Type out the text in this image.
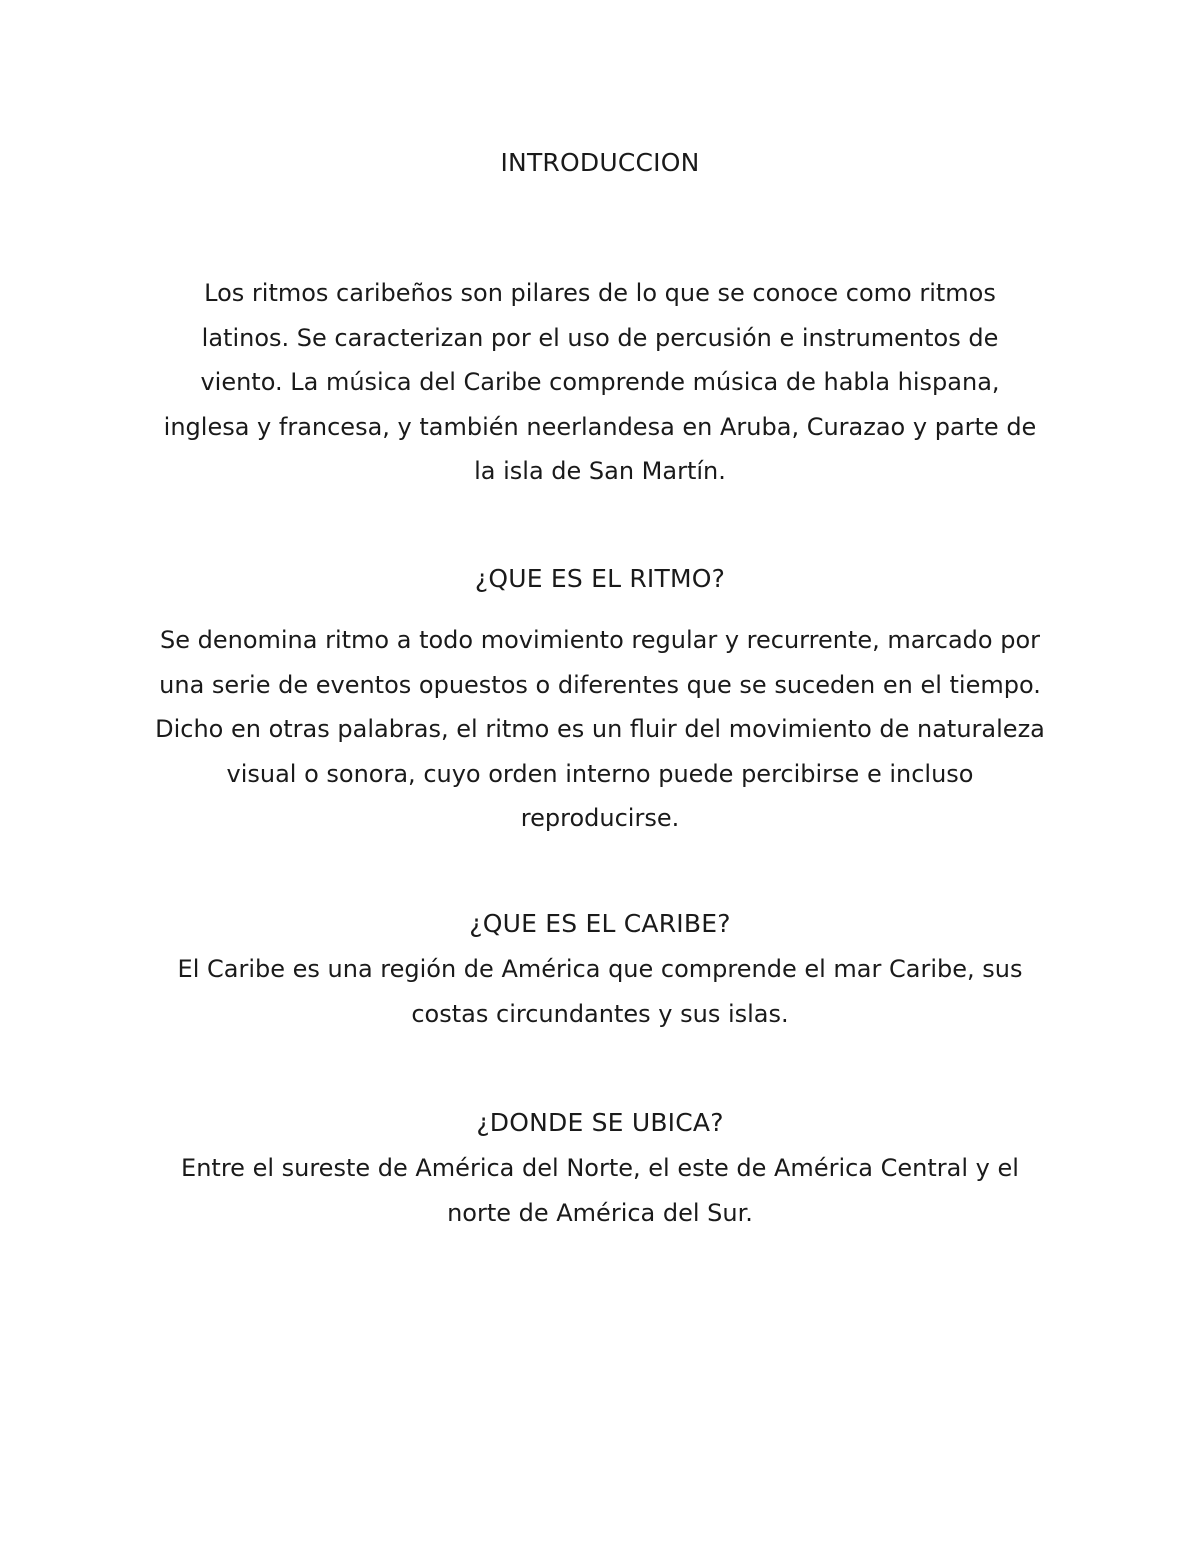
INTRODUCCION
Los ritmos caribeños son pilares de lo que se conoce como ritmos
latinos. Se caracterizan por el uso de percusión e instrumentos de
viento. La música del Caribe comprende música de habla hispana,
inglesa y francesa, y también neerlandesa en Aruba, Curazao y parte de
la isla de San Martín.
¿QUE ES EL RITMO?
Se denomina ritmo a todo movimiento regular y recurrente, marcado por
una serie de eventos opuestos o diferentes que se suceden en el tiempo.
Dicho en otras palabras, el ritmo es un fluir del movimiento de naturaleza
visual o sonora, cuyo orden interno puede percibirse e incluso
reproducirse.
¿QUE ES EL CARIBE?
El Caribe es una región de América que comprende el mar Caribe, sus
costas circundantes y sus islas.
¿DONDE SE UBICA?
Entre el sureste de América del Norte, el este de América Central y el
norte de América del Sur.
